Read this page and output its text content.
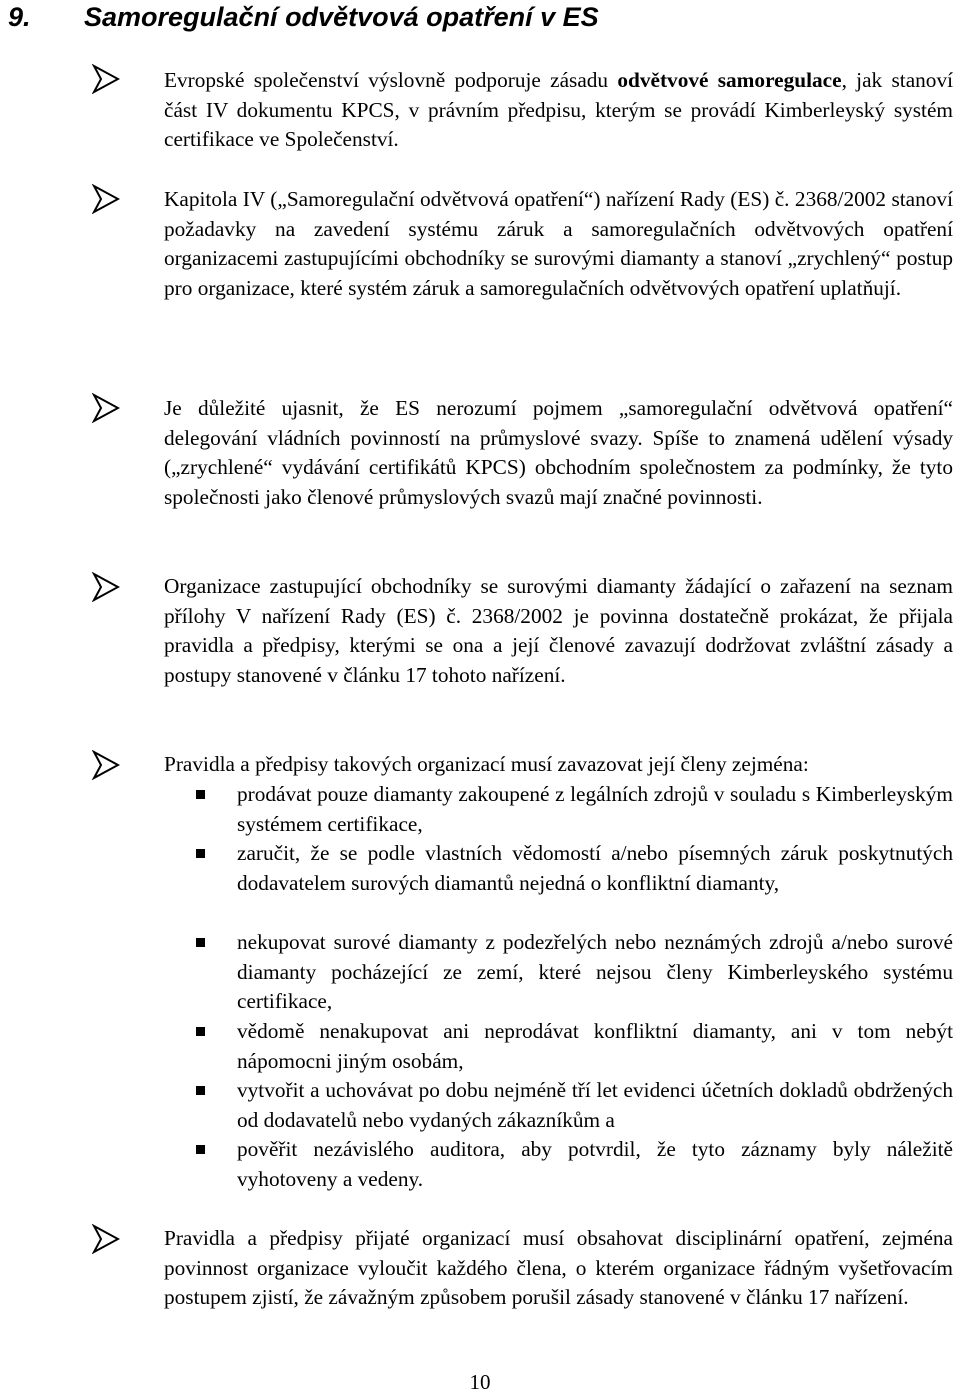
9. Samoregulační odvětvová opatření v ES
Evropské společenství výslovně podporuje zásadu odvětvové samoregulace, jak stanoví část IV dokumentu KPCS, v právním předpisu, kterým se provádí Kimberleyský systém certifikace ve Společenství.
Kapitola IV („Samoregulační odvětvová opatření“) nařízení Rady (ES) č. 2368/2002 stanoví požadavky na zavedení systému záruk a samoregulačních odvětvových opatření organizacemi zastupujícími obchodníky se surovými diamanty a stanoví „zrychlený“ postup pro organizace, které systém záruk a samoregulačních odvětvových opatření uplatňují.
Je důležité ujasnit, že ES nerozumí pojmem „samoregulační odvětvová opatření“ delegování vládních povinností na průmyslové svazy. Spíše to znamená udělení výsady („zrychlené“ vydávání certifikátů KPCS) obchodním společnostem za podmínky, že tyto společnosti jako členové průmyslových svazů mají značné povinnosti.
Organizace zastupující obchodníky se surovými diamanty žádající o zařazení na seznam přílohy V nařízení Rady (ES) č. 2368/2002 je povinna dostatečně prokázat, že přijala pravidla a předpisy, kterými se ona a její členové zavazují dodržovat zvláštní zásady a postupy stanovené v článku 17 tohoto nařízení.
Pravidla a předpisy takových organizací musí zavazovat její členy zejména:
prodávat pouze diamanty zakoupené z legálních zdrojů v souladu s Kimberleyským systémem certifikace,
zaručit, že se podle vlastních vědomostí a/nebo písemných záruk poskytnutých dodavatelem surových diamantů nejedná o konfliktní diamanty,
nekupovat surové diamanty z podezřelých nebo neznámých zdrojů a/nebo surové diamanty pocházející ze zemí, které nejsou členy Kimberleyského systému certifikace,
vědomě nenakupovat ani neprodávat konfliktní diamanty, ani v tom nebýt nápomocni jiným osobám,
vytvořit a uchovávat po dobu nejméně tří let evidenci účetních dokladů obdržených od dodavatelů nebo vydaných zákazníkům a
pověřit nezávislého auditora, aby potvrdil, že tyto záznamy byly náležitě vyhotoveny a vedeny.
Pravidla a předpisy přijaté organizací musí obsahovat disciplinární opatření, zejména povinnost organizace vyloučit každého člena, o kterém organizace řádným vyšetřovacím postupem zjistí, že závažným způsobem porušil zásady stanovené v článku 17 nařízení.
10
